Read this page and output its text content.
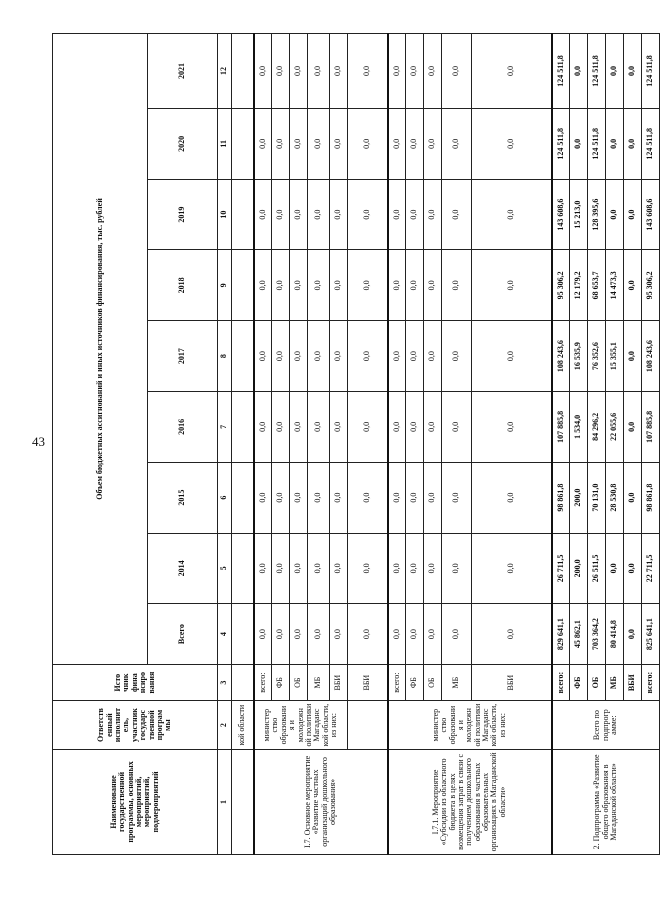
43
Наименование государственной программы, основных мероприятий, мероприятий, подмероприятий	Ответств енный исполнит ель, участник государс твенной програм мы	Исто чник фина нсиро вания	Объем бюджетных ассигнований и иных источников финансирования, тыс. рублей								
			Всего	2014	2015	2016	2017	2018	2019	2020	2021
1	2	3	4	5	6	7	8	9	10	11	12
	кой области										
I.7. Основное мероприятие «Развитие частных организаций дошкольного образования»	министер ство образовани я и молодежн ой политики Магаданс кой области, из них:	всего:	0,0	0,0	0,0	0,0	0,0	0,0	0,0	0,0	0,0
		ФБ	0,0	0,0	0,0	0,0	0,0	0,0	0,0	0,0	0,0
		ОБ	0,0	0,0	0,0	0,0	0,0	0,0	0,0	0,0	0,0
		МБ	0,0	0,0	0,0	0,0	0,0	0,0	0,0	0,0	0,0
		ВБИ	0,0	0,0	0,0	0,0	0,0	0,0	0,0	0,0	0,0
		ВБИ	0,0	0,0	0,0	0,0	0,0	0,0	0,0	0,0	0,0
I.7.1. Мероприятие «Субсидии из областного бюджета в целях возмещения затрат в связи с получением дошкольного образования в частных образовательных организациях в Магаданской области»	министер ство образовани я и молодежн ой политики Магаданс кой области, из них:	всего:	0,0	0,0	0,0	0,0	0,0	0,0	0,0	0,0	0,0
		ФБ	0,0	0,0	0,0	0,0	0,0	0,0	0,0	0,0	0,0
		ОБ	0,0	0,0	0,0	0,0	0,0	0,0	0,0	0,0	0,0
		МБ	0,0	0,0	0,0	0,0	0,0	0,0	0,0	0,0	0,0
		ВБИ	0,0	0,0	0,0	0,0	0,0	0,0	0,0	0,0	0,0
2. Подпрограмма «Развитие общего образования в Магаданской области»	Всего по подпрогр амме:	всего:	829 641,1	26 711,5	98 861,8	107 885,8	108 243,6	95 306,2	143 608,6	124 511,8	124 511,8
		ФБ	45 862,1	200,0	200,0	1 534,0	16 535,9	12 179,2	15 213,0	0,0	0,0
		ОБ	703 364,2	26 511,5	70 131,0	84 296,2	76 352,6	68 653,7	128 395,6	124 511,8	124 511,8
		МБ	80 414,8	0,0	28 530,8	22 055,6	15 355,1	14 473,3	0,0	0,0	0,0
		ВБИ	0,0	0,0	0,0	0,0	0,0	0,0	0,0	0,0	0,0
		всего:	825 641,1	22 711,5	98 861,8	107 885,8	108 243,6	95 306,2	143 608,6	124 511,8	124 511,8
